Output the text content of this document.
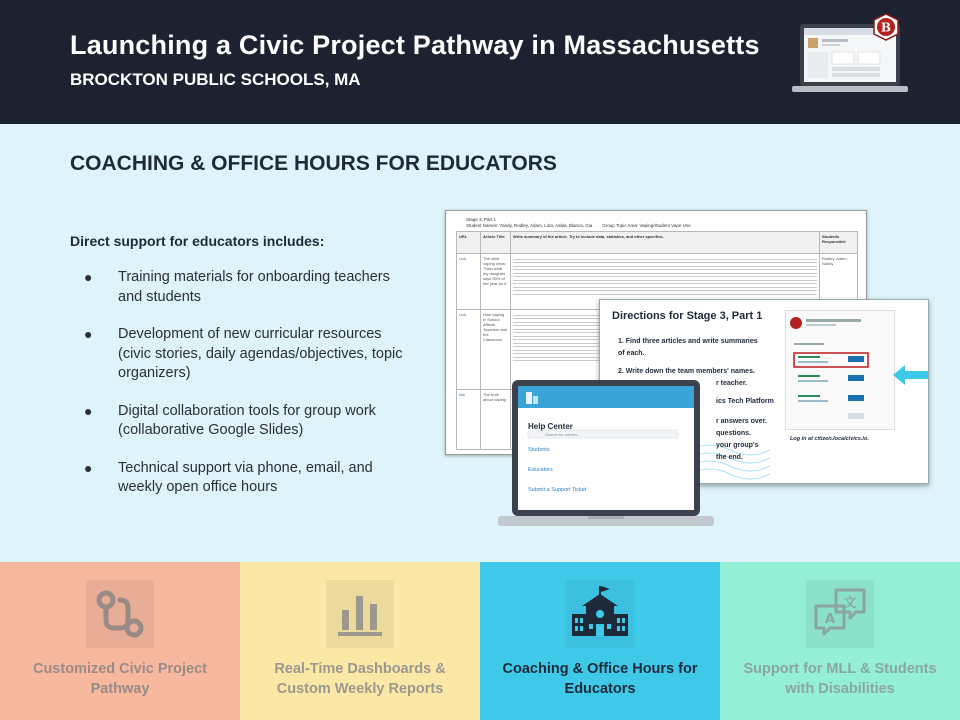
Launching a Civic Project Pathway in Massachusetts
BROCKTON PUBLIC SCHOOLS, MA
B
COACHING & OFFICE HOURS FOR EDUCATORS
Direct support for educators includes:
● Training materials for onboarding teachers and students
● Development of new curricular resources (civic stories, daily agendas/objectives, topic organizers)
● Digital collaboration tools for group work (collaborative Google Slides)
● Technical support via phone, email, and weekly open office hours
Stage 3, Part 1
Student Names: Yandy, Rodley, Adam, Lina, Adala, Blanca, Gia Group Topic Area: Vaping/Student Vape Use
URL	Article Title	Write summary of the article. Try to include data, statistics, and other specifics.	Students Responsible
Link	The child vaping crisis: 'Train what my daughter says 90% of her year do it'		Rodley, Adam, Sandy
Link	How Vaping in School Affects Teachers and the Classroom	

link	The truth about vaping	

Directions for Stage 3, Part 1
1. Find three articles and write summaries
of each.
2. Write down the team members' names.
r teacher.
ics Tech Platform
r answers over.
questions.
your group's
the end.
Log in at citizen.localcivics.io.
Help Center
Search for articles...
Students
Educators
Submit a Support Ticket
Customized Civic Project Pathway
Real-Time Dashboards & Custom Weekly Reports
Coaching & Office Hours for Educators
文
A
Support for MLL & Students with Disabilities
